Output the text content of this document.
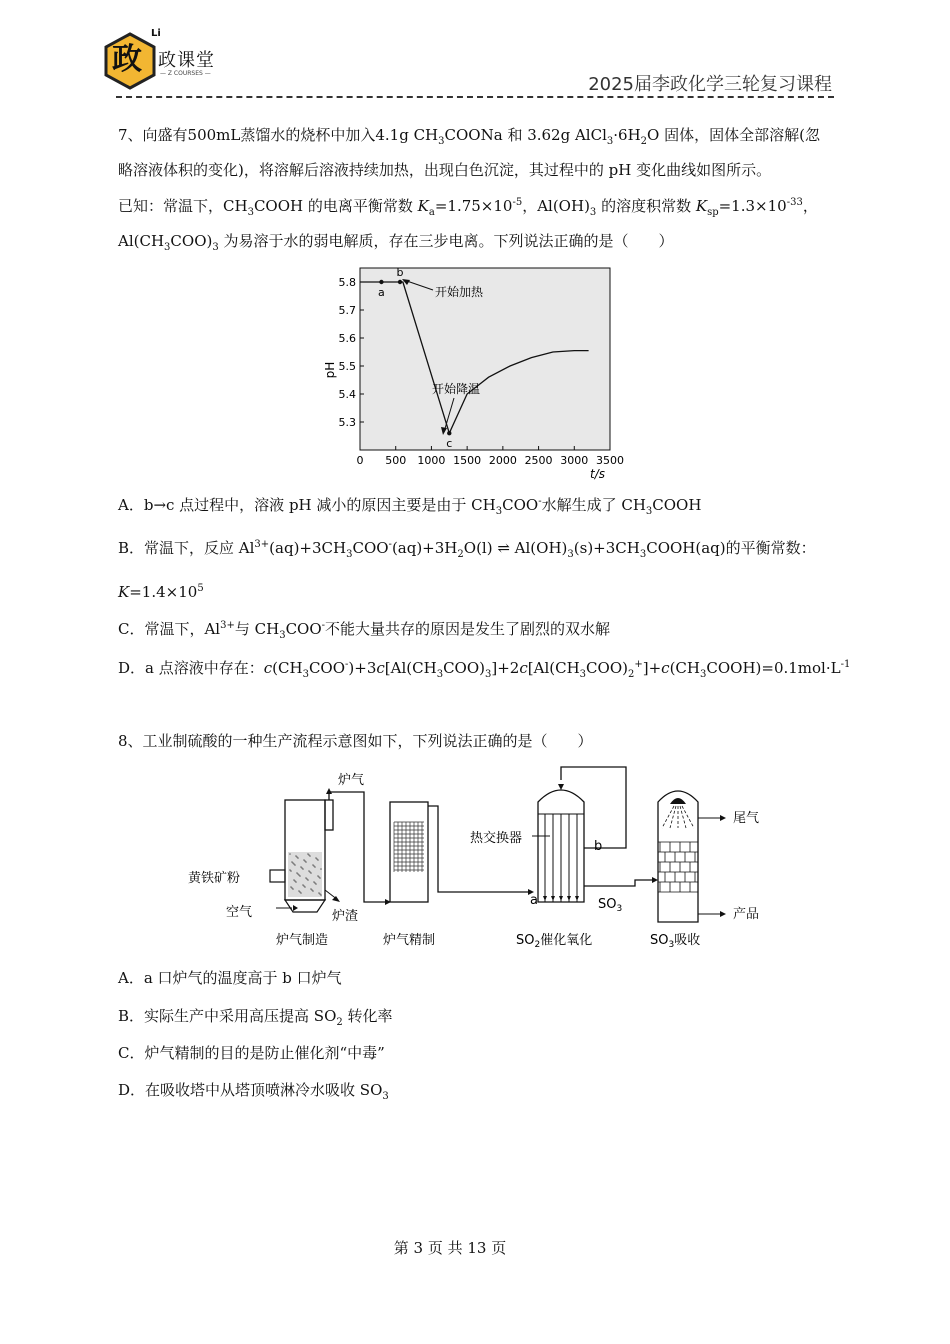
政
Li
政课堂
— Z COURSES —
2025届李政化学三轮复习课程
7、向盛有500mL蒸馏水的烧杯中加入4.1g $CH_3COONa$ 和 3.62g $AlCl_3\cdot 6H_2O$ 固体，固体全部溶解(忽
略溶液体积的变化)，将溶解后溶液持续加热，出现白色沉淀，其过程中的 pH 变化曲线如图所示。
已知：常温下，$CH_3COOH$ 的电离平衡常数 $K_a=1.75\times 10^{-5}$，$Al(OH)_3$ 的溶度积常数 $K_{sp}=1.3\times 10^{-33}$，
$Al(CH_3COO)_3$ 为易溶于水的弱电解质，存在三步电离。下列说法正确的是（　　）
0 500 1000 1500 2000 2500 3000 3500
5.3
5.4
5.5
5.6
5.7
5.8
a
b
c
开始加热
开始降温
pH
t/s
A．b→c 点过程中，溶液 pH 减小的原因主要是由于 $CH_3COO^-$水解生成了 $CH_3COOH$
B．常温下，反应 $Al^{3+}(aq)+3CH_3COO^-(aq)+3H_2O(l)$ ⇌ $Al(OH)_3(s)+3CH_3COOH(aq)$的平衡常数：
$K=1.4\times 10^5$
C．常温下，$Al^{3+}$与 $CH_3COO^-$不能大量共存的原因是发生了剧烈的双水解
D．a 点溶液中存在：$c(CH_3COO^-)+3c[Al(CH_3COO)_3]+2c[Al(CH_3COO)_2^+]+c(CH_3COOH)=0.1mol\cdot L^{-1}$
8、工业制硫酸的一种生产流程示意图如下，下列说法正确的是（　　）
炉气
黄铁矿粉
空气	炉渣
炉气制造	炉气精制
热交换器
a
b
$SO_3$
$SO_2$催化氧化
尾气
产品
$SO_3$吸收
A．a 口炉气的温度高于 b 口炉气
B．实际生产中采用高压提高 $SO_2$ 转化率
C．炉气精制的目的是防止催化剂“中毒”
D．在吸收塔中从塔顶喷淋冷水吸收 $SO_3$
第 3 页 共 13 页
